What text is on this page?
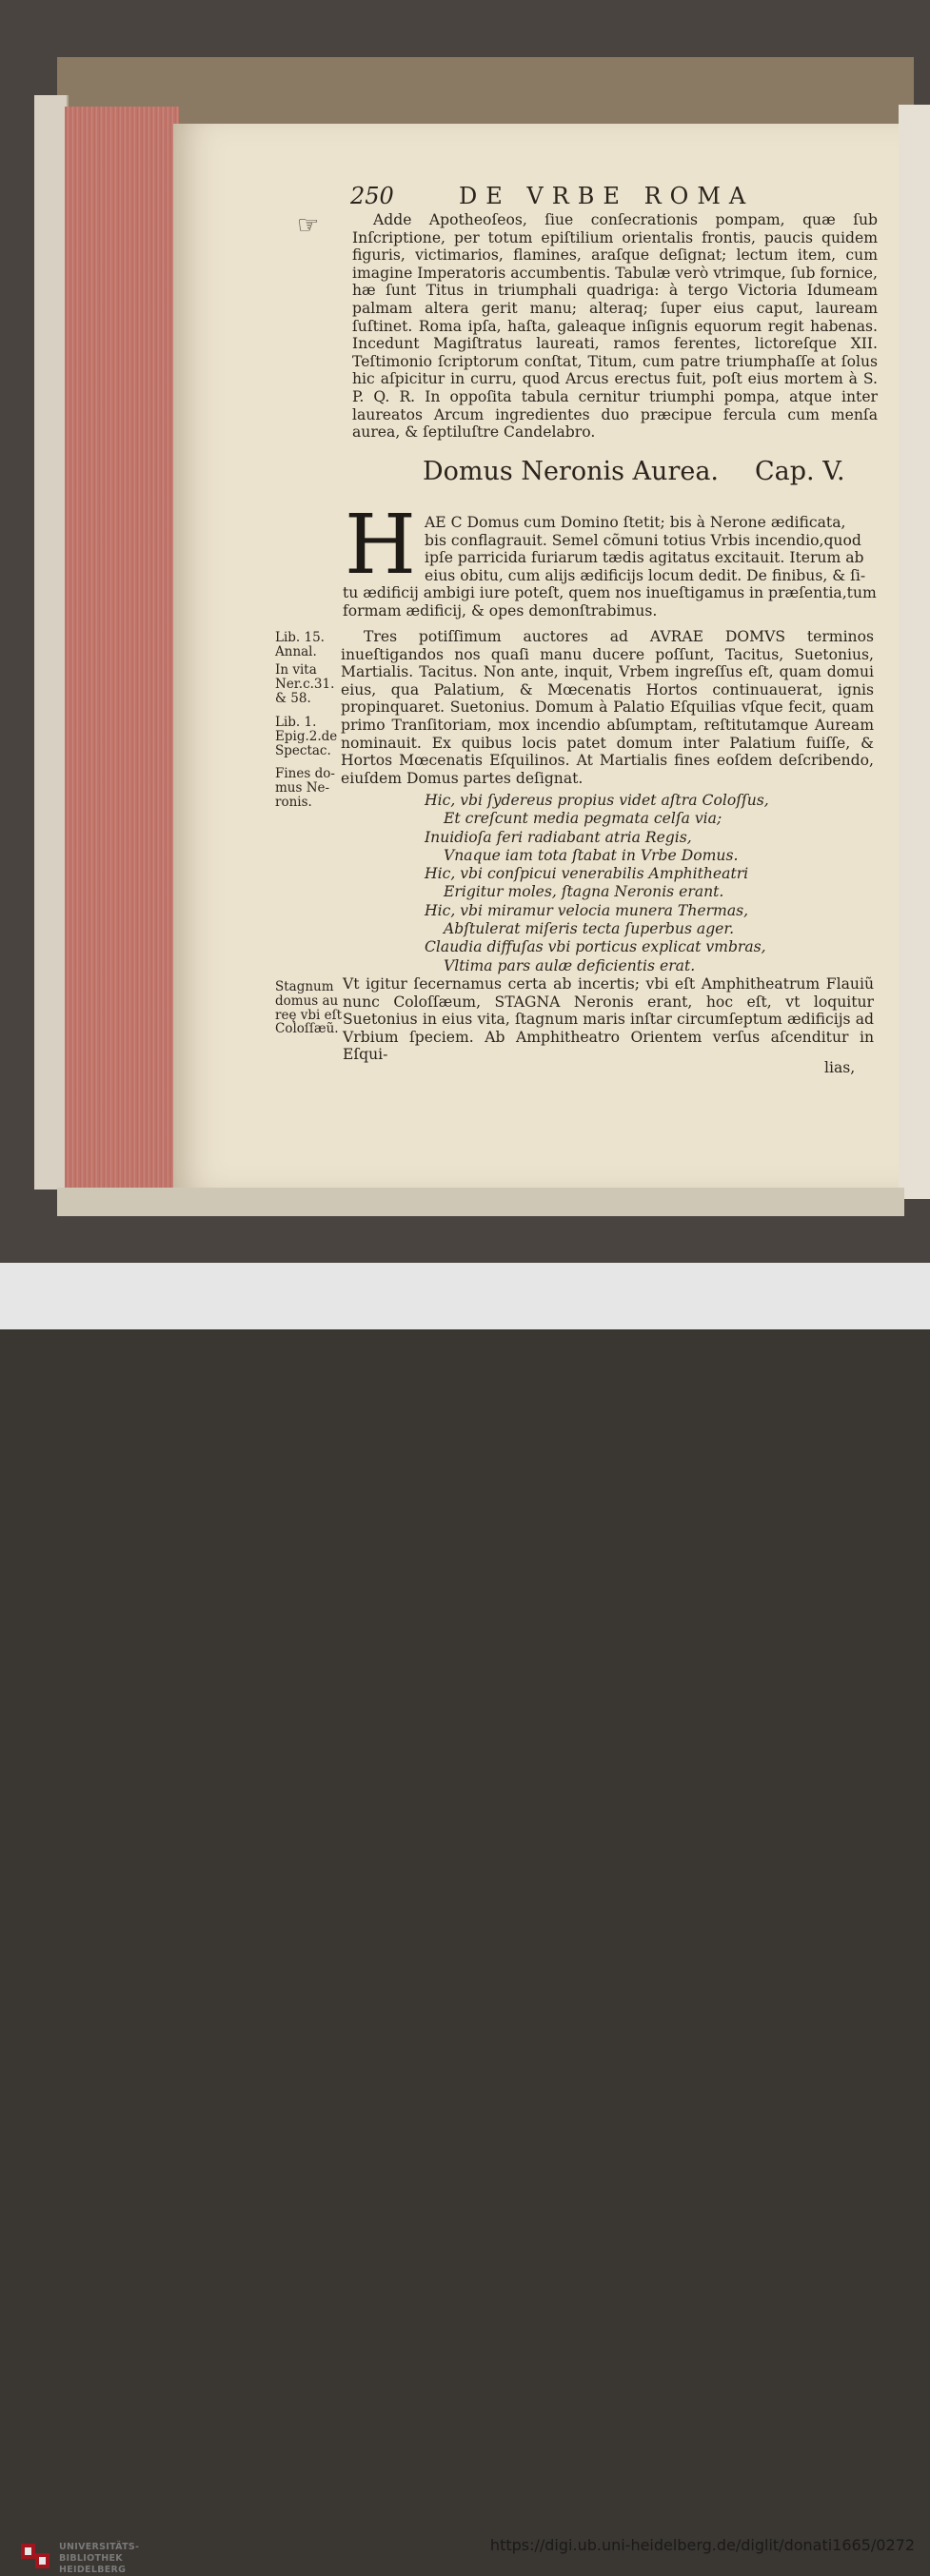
250	DE VRBE ROMA
☞	Adde Apotheoſeos, ſiue conſecrationis pompam, quæ ſub Inſcriptione, per totum epiſtilium orientalis frontis, paucis quidem figuris, victimarios, flamines, araſque deſignat; lectum item, cum imagine Imperatoris accumbentis. Tabulæ verò vtrimque, ſub fornice, hæ ſunt Titus in triumphali quadriga: à tergo Victoria Idumeam palmam altera gerit manu; alteraq; ſuper eius caput, lauream ſuſtinet. Roma ipſa, haſta, galeaque inſignis equorum regit habenas. Incedunt Magiſtratus laureati, ramos ferentes, lictoreſque XII. Teſtimonio ſcriptorum conſtat, Titum, cum patre triumphaſſe at ſolus hic aſpicitur in curru, quod Arcus erectus fuit, poſt eius mortem à S. P. Q. R. In oppoſita tabula cernitur triumphi pompa, atque inter laureatos Arcum ingredientes duo præcipue fercula cum menſa aurea, & ſeptiluſtre Candelabro.
Domus Neronis Aurea. Cap. V.
H AE C Domus cum Domino ſtetit; bis à Nerone ædificata,
bis conflagrauit. Semel cõmuni totius Vrbis incendio,quod
ipſe parricida furiarum tædis agitatus excitauit. Iterum ab
eius obitu, cum alijs ædificijs locum dedit. De finibus, & ſi-
tu ædificij ambigi iure poteſt, quem nos inueſtigamus in præſentia,tum
formam ædificij, & opes demonſtrabimus.
Tres potiſſimum auctores ad AVRAE DOMVS terminos inueſtigandos nos quaſi manu ducere poſſunt, Tacitus, Suetonius, Martialis. Tacitus. Non ante, inquit, Vrbem ingreſſus eſt, quam domui eius, qua Palatium, & Mœcenatis Hortos continuauerat, ignis propinquaret. Suetonius. Domum à Palatio Eſquilias vſque fecit, quam primo Tranſitoriam, mox incendio abſumptam, reſtitutamque Auream nominauit. Ex quibus locis patet domum inter Palatium fuiſſe, & Hortos Mœcenatis Eſquilinos. At Martialis fines eoſdem deſcribendo, eiuſdem Domus partes deſignat.
Hic, vbi ſydereus propius videt aſtra Coloſſus,
Et creſcunt media pegmata celſa via;
Inuidioſa feri radiabant atria Regis,
Vnaque iam tota ſtabat in Vrbe Domus.
Hic, vbi conſpicui venerabilis Amphitheatri
Erigitur moles, ſtagna Neronis erant.
Hic, vbi miramur velocia munera Thermas,
Abſtulerat miſeris tecta ſuperbus ager.
Claudia diffuſas vbi porticus explicat vmbras,
Vltima pars aulæ deficientis erat.
Vt igitur ſecernamus certa ab incertis; vbi eſt Amphitheatrum Flauiũ nunc Coloſſæum, STAGNA Neronis erant, hoc eſt, vt loquitur Suetonius in eius vita, ſtagnum maris inſtar circumſeptum ædificijs ad Vrbium ſpeciem. Ab Amphitheatro Orientem verſus aſcenditur in Eſqui-
lias,
Lib. 15.
Annal.
In vita
Ner.c.31.
& 58.
Lib. 1.
Epig.2.de
Spectac.
Fines do-
mus Ne-
ronis.
Stagnum
domus au
reę vbi eſt
Coloſſæũ.
UNIVERSITÄTS-
BIBLIOTHEK
HEIDELBERG
https://digi.ub.uni-heidelberg.de/diglit/donati1665/0272
